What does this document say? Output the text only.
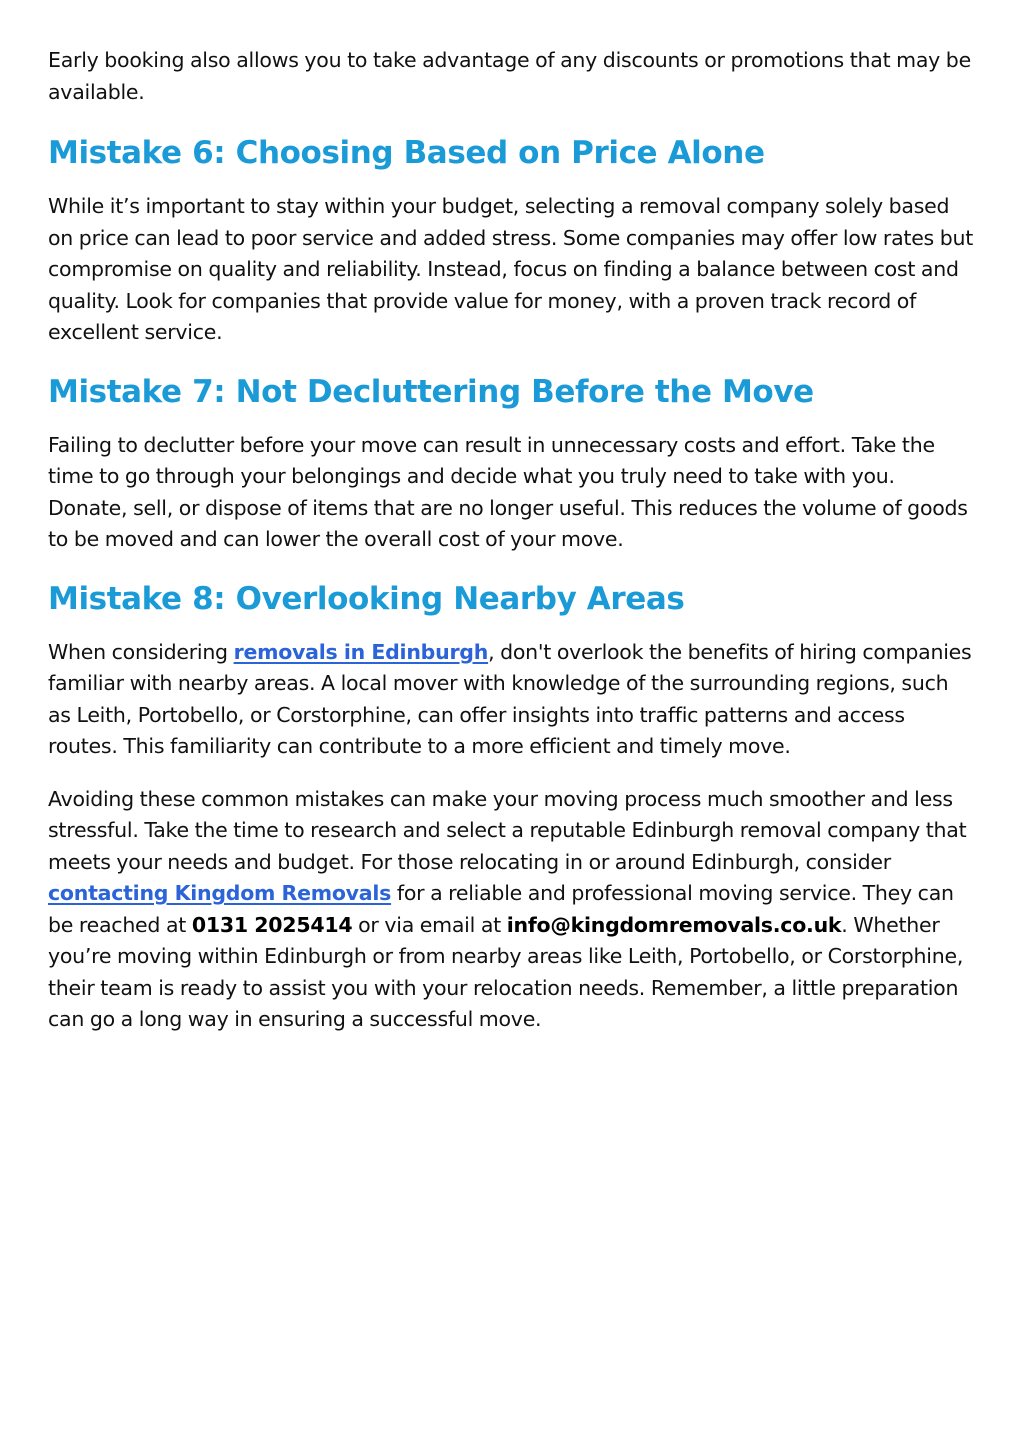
Early booking also allows you to take advantage of any discounts or promotions that may be available.

Mistake 6: Choosing Based on Price Alone

While it’s important to stay within your budget, selecting a removal company solely based on price can lead to poor service and added stress. Some companies may offer low rates but compromise on quality and reliability. Instead, focus on finding a balance between cost and quality. Look for companies that provide value for money, with a proven track record of excellent service.

Mistake 7: Not Decluttering Before the Move

Failing to declutter before your move can result in unnecessary costs and effort. Take the time to go through your belongings and decide what you truly need to take with you. Donate, sell, or dispose of items that are no longer useful. This reduces the volume of goods to be moved and can lower the overall cost of your move.

Mistake 8: Overlooking Nearby Areas

When considering removals in Edinburgh, don't overlook the benefits of hiring companies familiar with nearby areas. A local mover with knowledge of the surrounding regions, such as Leith, Portobello, or Corstorphine, can offer insights into traffic patterns and access routes. This familiarity can contribute to a more efficient and timely move.

Avoiding these common mistakes can make your moving process much smoother and less stressful. Take the time to research and select a reputable Edinburgh removal company that meets your needs and budget. For those relocating in or around Edinburgh, consider contacting Kingdom Removals for a reliable and professional moving service. They can be reached at 0131 2025414 or via email at info@kingdomremovals.co.uk. Whether you’re moving within Edinburgh or from nearby areas like Leith, Portobello, or Corstorphine, their team is ready to assist you with your relocation needs. Remember, a little preparation can go a long way in ensuring a successful move.
